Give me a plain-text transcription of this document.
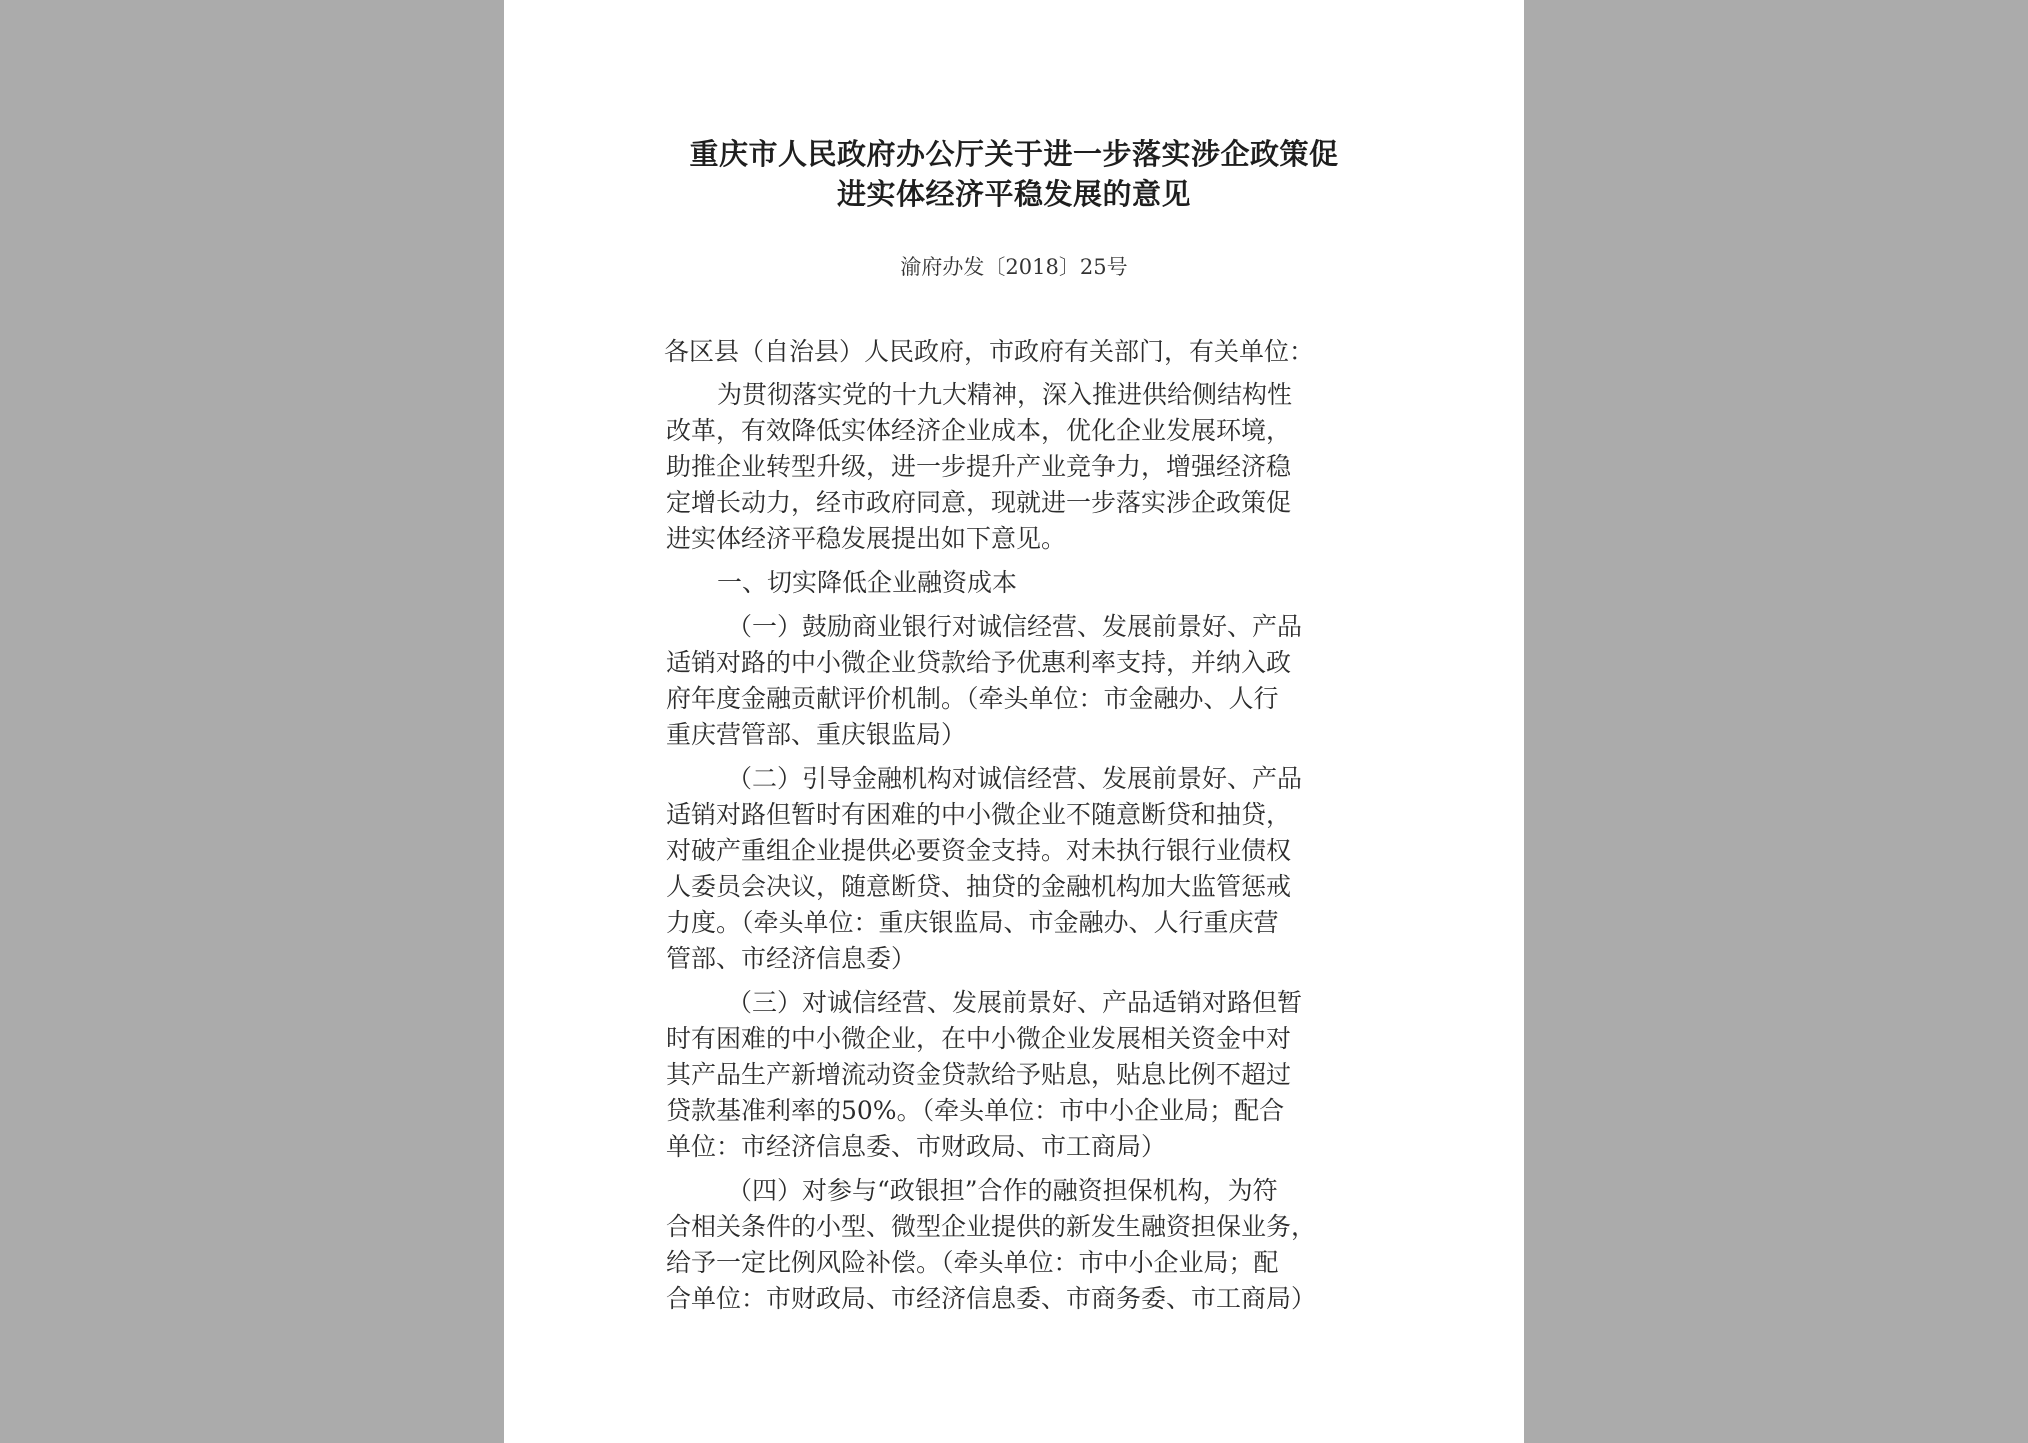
重庆市人民政府办公厅关于进一步落实涉企政策促
进实体经济平稳发展的意见
渝府办发〔2018〕25号
各区县（自治县）人民政府，市政府有关部门，有关单位：
为贯彻落实党的十九大精神，深入推进供给侧结构性
改革，有效降低实体经济企业成本，优化企业发展环境，
助推企业转型升级，进一步提升产业竞争力，增强经济稳
定增长动力，经市政府同意，现就进一步落实涉企政策促
进实体经济平稳发展提出如下意见。
一、切实降低企业融资成本
（一）鼓励商业银行对诚信经营、发展前景好、产品
适销对路的中小微企业贷款给予优惠利率支持，并纳入政
府年度金融贡献评价机制。（牵头单位：市金融办、人行
重庆营管部、重庆银监局）
（二）引导金融机构对诚信经营、发展前景好、产品
适销对路但暂时有困难的中小微企业不随意断贷和抽贷，
对破产重组企业提供必要资金支持。对未执行银行业债权
人委员会决议，随意断贷、抽贷的金融机构加大监管惩戒
力度。（牵头单位：重庆银监局、市金融办、人行重庆营
管部、市经济信息委）
（三）对诚信经营、发展前景好、产品适销对路但暂
时有困难的中小微企业，在中小微企业发展相关资金中对
其产品生产新增流动资金贷款给予贴息，贴息比例不超过
贷款基准利率的50%。（牵头单位：市中小企业局；配合
单位：市经济信息委、市财政局、市工商局）
（四）对参与“政银担”合作的融资担保机构，为符
合相关条件的小型、微型企业提供的新发生融资担保业务，
给予一定比例风险补偿。（牵头单位：市中小企业局；配
合单位：市财政局、市经济信息委、市商务委、市工商局）
